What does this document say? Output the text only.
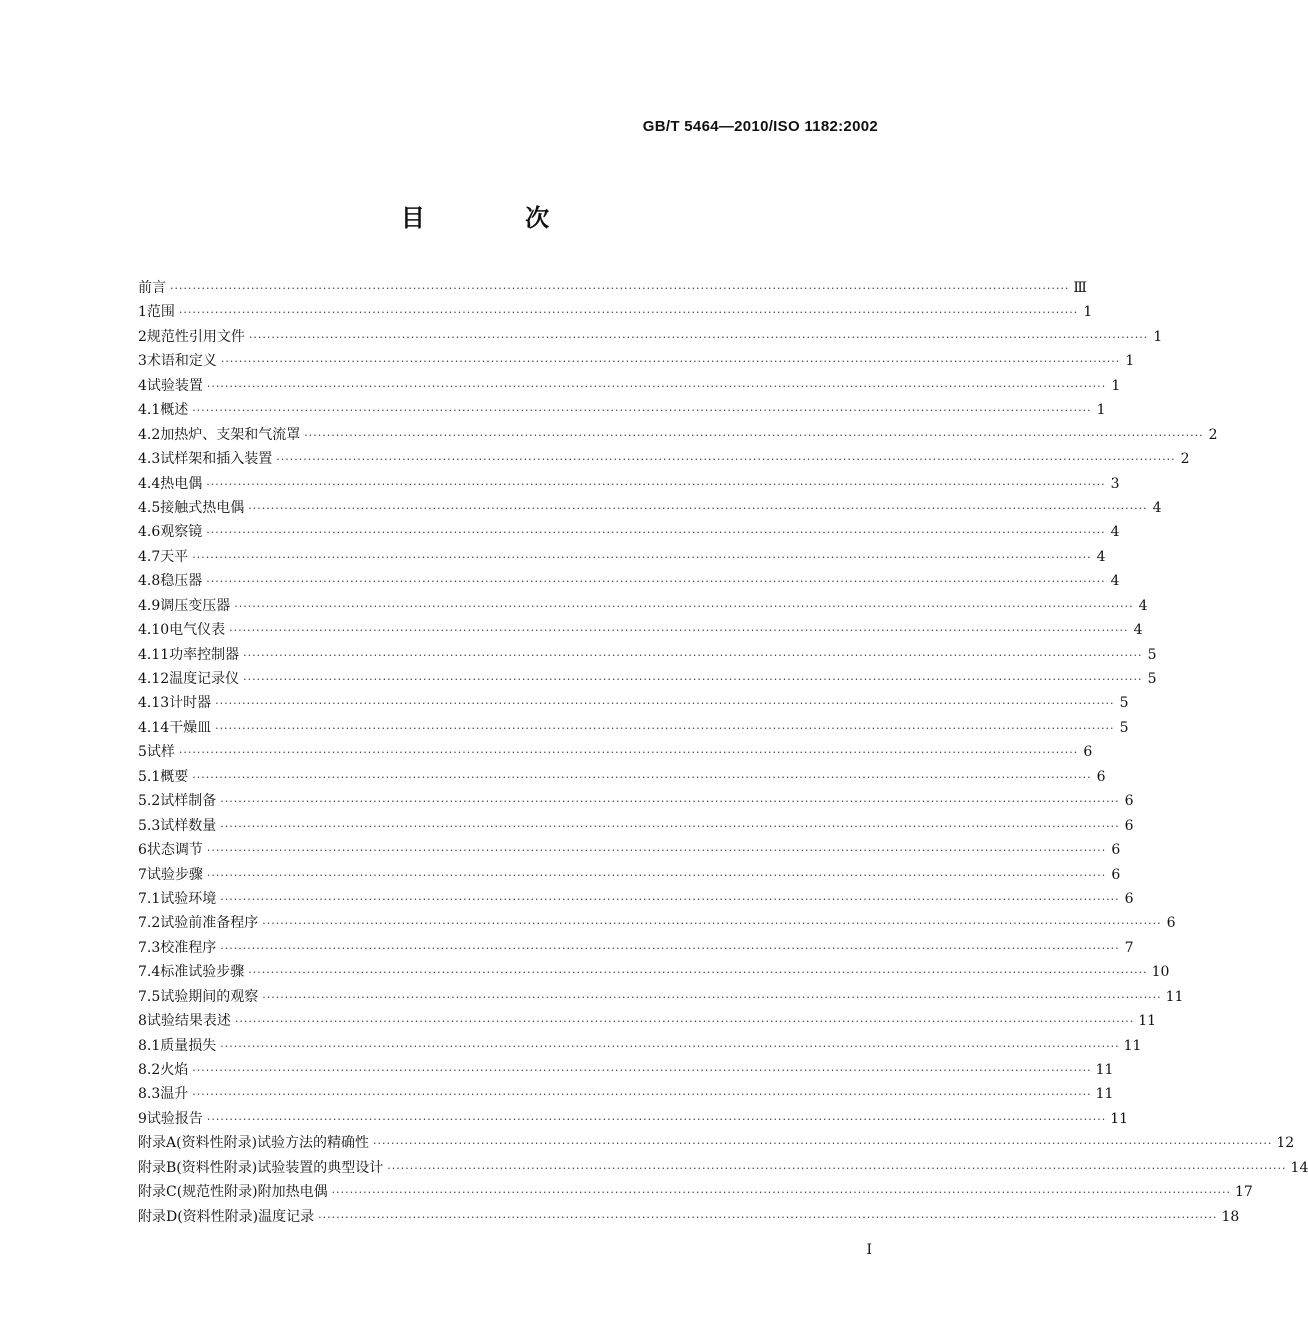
GB/T 5464—2010/ISO 1182:2002
目 次
前言 ········································································································································································································ Ⅲ
1 范围 ········································································································································································································ 1
2 规范性引用文件 ········································································································································································································ 1
3 术语和定义 ········································································································································································································ 1
4 试验装置 ········································································································································································································ 1
4.1 概述 ········································································································································································································ 1
4.2 加热炉、支架和气流罩 ········································································································································································································ 2
4.3 试样架和插入装置 ········································································································································································································ 2
4.4 热电偶 ········································································································································································································ 3
4.5 接触式热电偶 ········································································································································································································ 4
4.6 观察镜 ········································································································································································································ 4
4.7 天平 ········································································································································································································ 4
4.8 稳压器 ········································································································································································································ 4
4.9 调压变压器 ········································································································································································································ 4
4.10 电气仪表 ········································································································································································································ 4
4.11 功率控制器 ········································································································································································································ 5
4.12 温度记录仪 ········································································································································································································ 5
4.13 计时器 ········································································································································································································ 5
4.14 干燥皿 ········································································································································································································ 5
5 试样 ········································································································································································································ 6
5.1 概要 ········································································································································································································ 6
5.2 试样制备 ········································································································································································································ 6
5.3 试样数量 ········································································································································································································ 6
6 状态调节 ········································································································································································································ 6
7 试验步骤 ········································································································································································································ 6
7.1 试验环境 ········································································································································································································ 6
7.2 试验前准备程序 ········································································································································································································ 6
7.3 校准程序 ········································································································································································································ 7
7.4 标准试验步骤 ········································································································································································································ 10
7.5 试验期间的观察 ········································································································································································································ 11
8 试验结果表述 ········································································································································································································ 11
8.1 质量损失 ········································································································································································································ 11
8.2 火焰 ········································································································································································································ 11
8.3 温升 ········································································································································································································ 11
9 试验报告 ········································································································································································································ 11
附录A(资料性附录) 试验方法的精确性 ········································································································································································································ 12
附录B(资料性附录) 试验装置的典型设计 ········································································································································································································ 14
附录C(规范性附录) 附加热电偶 ········································································································································································································ 17
附录D(资料性附录) 温度记录 ········································································································································································································ 18
I
